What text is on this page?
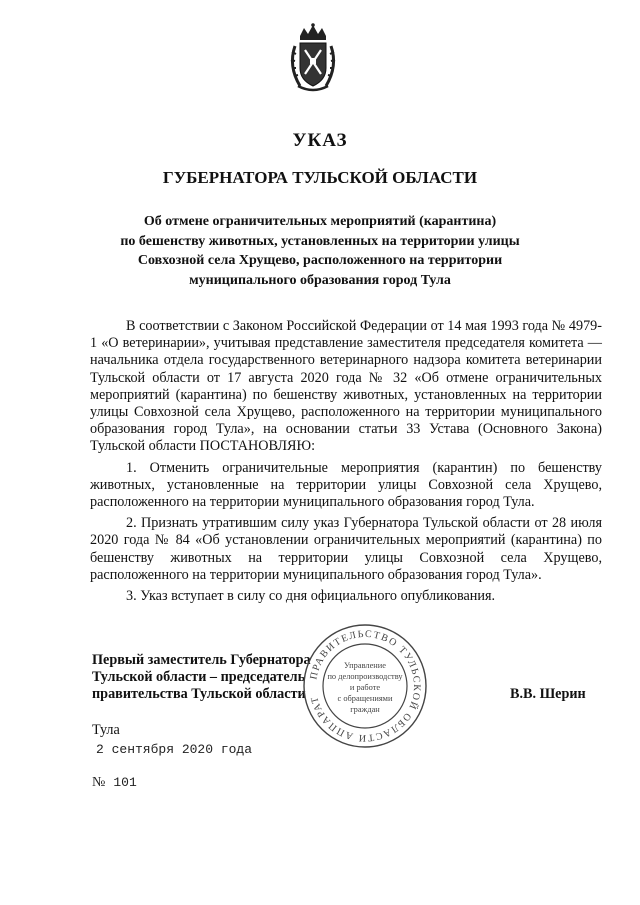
УКАЗ
ГУБЕРНАТОРА ТУЛЬСКОЙ ОБЛАСТИ
Об отмене ограничительных мероприятий (карантина)
по бешенству животных, установленных на территории улицы
Совхозной села Хрущево, расположенного на территории
муниципального образования город Тула

В соответствии с Законом Российской Федерации от 14 мая 1993 года № 4979-1 «О ветеринарии», учитывая представление заместителя председателя комитета — начальника отдела государственного ветеринарного надзора комитета ветеринарии Тульской области от 17 августа 2020 года № 32 «Об отмене ограничительных мероприятий (карантина) по бешенству животных, установленных на территории улицы Совхозной села Хрущево, расположенного на территории муниципального образования город Тула», на основании статьи 33 Устава (Основного Закона) Тульской области ПОСТАНОВЛЯЮ:

1. Отменить ограничительные мероприятия (карантин) по бешенству животных, установленные на территории улицы Совхозной села Хрущево, расположенного на территории муниципального образования город Тула.

2. Признать утратившим силу указ Губернатора Тульской области от 28 июля 2020 года № 84 «Об установлении ограничительных мероприятий (карантина) по бешенству животных на территории улицы Совхозной села Хрущево, расположенного на территории муниципального образования город Тула».

3. Указ вступает в силу со дня официального опубликования.

Первый заместитель Губернатора
Тульской области – председатель
правительства Тульской области
ПРАВИТЕЛЬСТВО ТУЛЬСКОЙ ОБЛАСТИ АППАРАТ
Управление
по делопроизводству
и работе
с обращениями
граждан
В.В. Шерин
Тула
2 сентября 2020 года
№ 101
